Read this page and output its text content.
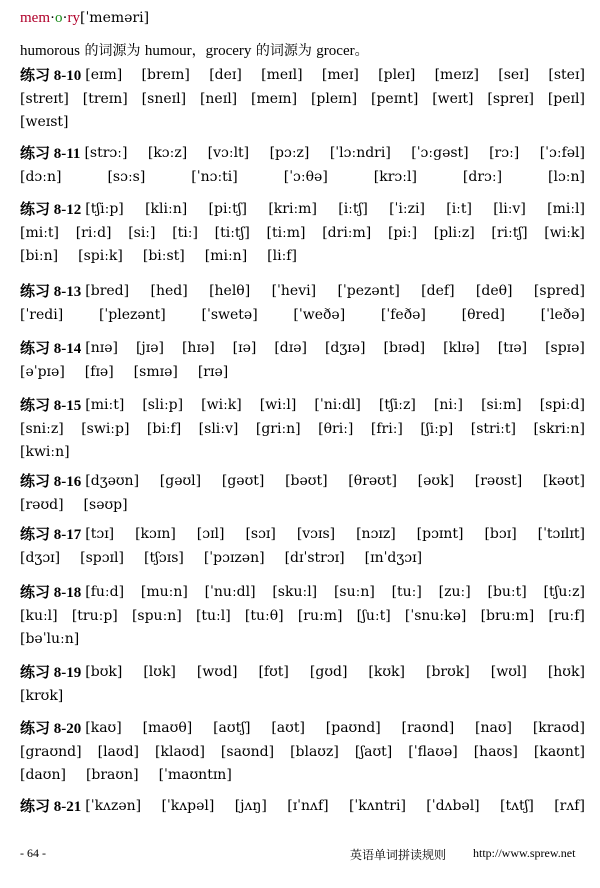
mem·o·ry[ˈmeməri]
humorous 的词源为 humour，grocery 的词源为 grocer。
练习 8-10 [eɪm] [breɪn] [deɪ] [meɪl] [meɪ] [pleɪ] [meɪz] [seɪ] [steɪ]
[streɪt] [treɪn] [sneɪl] [neɪl] [meɪn] [pleɪn] [peɪnt] [weɪt] [spreɪ] [peɪl]
[weɪst]
练习 8-11 [strɔː] [kɔːz] [vɔːlt] [pɔːz] [ˈlɔːndri] [ˈɔːgəst] [rɔː] [ˈɔːfəl]
[dɔːn]	[sɔːs]	[ˈnɔːti]	[ˈɔːθə]	[krɔːl]	[drɔː]	[lɔːn]
练习 8-12 [tʃiːp] [kliːn] [piːtʃ] [kriːm] [iːtʃ] [ˈiːzi] [iːt] [liːv] [miːl]
[miːt] [riːd] [siː] [tiː] [tiːtʃ] [tiːm] [driːm] [piː] [pliːz] [riːtʃ] [wiːk]
[biːn] [spiːk] [biːst] [miːn] [liːf]
练习 8-13 [bred] [hed] [helθ] [ˈhevi] [ˈpezənt] [def] [deθ] [spred]
[ˈredi]	[ˈplezənt]	[ˈswetə]	[ˈweðə]	[ˈfeðə]	[θred]	[ˈleðə]
练习 8-14 [nɪə] [jɪə] [hɪə] [ɪə] [dɪə] [dʒɪə] [bɪəd] [klɪə] [tɪə] [spɪə]
[əˈpɪə] [fɪə] [smɪə] [rɪə]
练习 8-15 [miːt] [sliːp] [wiːk] [wiːl] [ˈniːdl] [tʃiːz] [niː] [siːm] [spiːd]
[sniːz] [swiːp] [biːf] [sliːv] [griːn] [θriː] [friː] [ʃiːp] [striːt] [skriːn]
[kwiːn]
练习 8-16 [dʒəʊn] [gəʊl] [gəʊt] [bəʊt] [θrəʊt] [əʊk] [rəʊst] [kəʊt]
[rəʊd] [səʊp]
练习 8-17 [tɔɪ] [kɔɪn] [ɔɪl] [sɔɪ] [vɔɪs] [nɔɪz] [pɔɪnt] [bɔɪ] [ˈtɔɪlɪt]
[dʒɔɪ] [spɔɪl] [tʃɔɪs] [ˈpɔɪzən] [dɪˈstrɔɪ] [ɪnˈdʒɔɪ]
练习 8-18 [fuːd] [muːn] [ˈnuːdl] [skuːl] [suːn] [tuː] [zuː] [buːt] [tʃuːz]
[kuːl] [truːp] [spuːn] [tuːl] [tuːθ] [ruːm] [ʃuːt] [ˈsnuːkə] [bruːm] [ruːf]
[bəˈluːn]
练习 8-19 [bʊk] [lʊk] [wʊd] [fʊt] [gʊd] [kʊk] [brʊk] [wʊl] [hʊk]
[krʊk]
练习 8-20 [kaʊ] [maʊθ] [aʊtʃ] [aʊt] [paʊnd] [raʊnd] [naʊ] [kraʊd]
[graʊnd] [laʊd] [klaʊd] [saʊnd] [blaʊz] [ʃaʊt] [ˈflaʊə] [haʊs] [kaʊnt]
[daʊn] [braʊn] [ˈmaʊntɪn]
练习 8-21 [ˈkʌzən] [ˈkʌpəl] [jʌŋ] [ɪˈnʌf] [ˈkʌntri] [ˈdʌbəl] [tʌtʃ] [rʌf]
- 64 -	英语单词拼读规则 http://www.sprew.net
